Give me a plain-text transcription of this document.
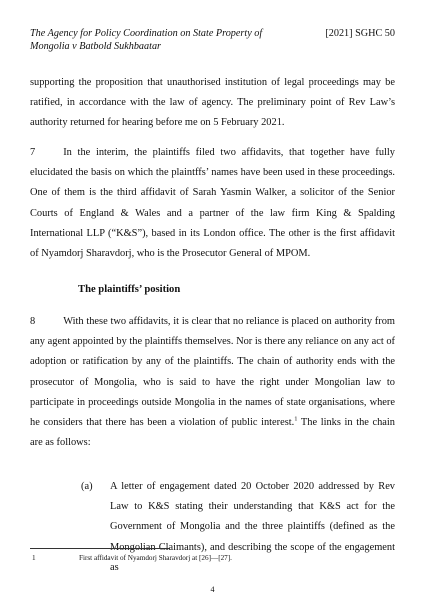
The Agency for Policy Coordination on State Property of Mongolia v Batbold Sukhbaatar
[2021] SGHC 50
supporting the proposition that unauthorised institution of legal proceedings may be ratified, in accordance with the law of agency. The preliminary point of Rev Law’s authority returned for hearing before me on 5 February 2021.
7	In the interim, the plaintiffs filed two affidavits, that together have fully elucidated the basis on which the plaintffs’ names have been used in these proceedings. One of them is the third affidavit of Sarah Yasmin Walker, a solicitor of the Senior Courts of England & Wales and a partner of the law firm King & Spalding International LLP (“K&S”), based in its London office. The other is the first affidavit of Nyamdorj Sharavdorj, who is the Prosecutor General of MPOM.
The plaintiffs’ position
8	With these two affidavits, it is clear that no reliance is placed on authority from any agent appointed by the plaintiffs themselves. Nor is there any reliance on any act of adoption or ratification by any of the plaintiffs. The chain of authority ends with the prosecutor of Mongolia, who is said to have the right under Mongolian law to participate in proceedings outside Mongolia in the names of state organisations, where he considers that there has been a violation of public interest.$^1$ The links in the chain are as follows:
(a) A letter of engagement dated 20 October 2020 addressed by Rev Law to K&S stating their understanding that K&S act for the Government of Mongolia and the three plaintiffs (defined as the Mongolian Claimants), and describing the scope of the engagement as
1	First affidavit of Nyamdorj Sharavdorj at [26]—[27].
4
